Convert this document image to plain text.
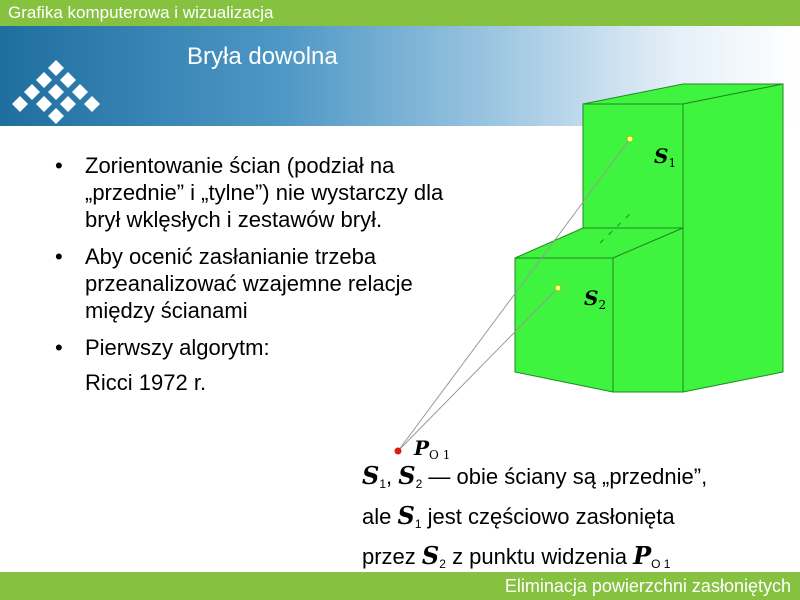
Grafika komputerowa i wizualizacja
E-STUDIA
INFORMATYCZNE
Bryła dowolna
• Zorientowanie ścian (podział na „przednie” i „tylne”) nie wystarczy dla brył wklęsłych i zestawów brył.
• Aby ocenić zasłanianie trzeba przeanalizować wzajemne relacje między ścianami
• Pierwszy algorytm:
Ricci 1972 r.
$S_1$
$S_2$
$P_{O 1}$
$S_1$, $S_2$ — obie ściany są „przednie”,
ale $S_1$ jest częściowo zasłonięta
przez $S_2$ z punktu widzenia $P_{O 1}$
Eliminacja powierzchni zasłoniętych
